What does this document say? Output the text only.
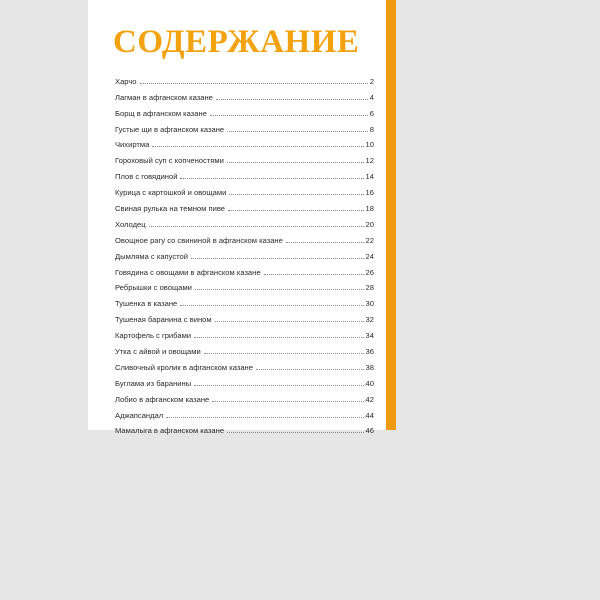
СОДЕРЖАНИЕ
Харчо	2
Лагман в афганском казане	4
Борщ в афганском казане	6
Густые щи в афганском казане	8
Чихиртма	10
Гороховый суп с копченостями	12
Плов с говядиной	14
Курица с картошкой и овощами	16
Свиная рулька на темном пиве	18
Холодец	20
Овощное рагу со свининой в афганском казане	22
Дымляма с капустой	24
Говядина с овощами в афганском казане	26
Ребрышки с овощами	28
Тушенка в казане	30
Тушеная баранина с вином	32
Картофель с грибами	34
Утка с айвой и овощами	36
Сливочный кролик в афганском казане	38
Буглама из баранины	40
Лобио в афганском казане	42
Аджапсандал	44
Мамалыга в афганском казане	46
